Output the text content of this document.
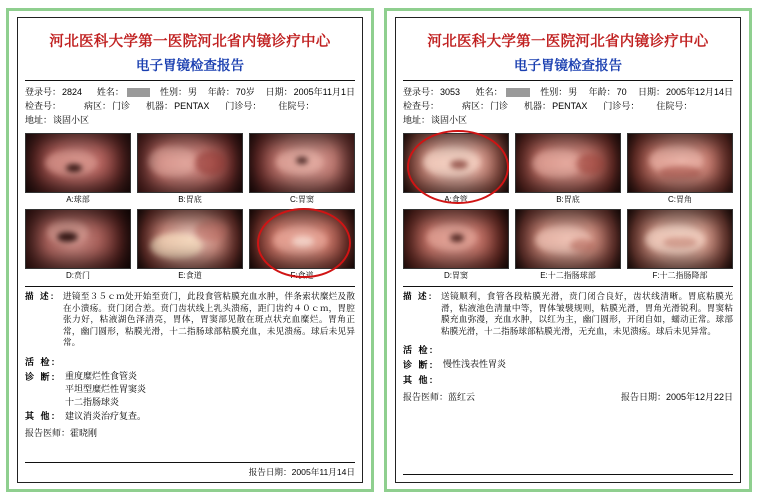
河北医科大学第一医院河北省内镜诊疗中心
电子胃镜检查报告
登录号： 2824 姓名：	性别： 男 年龄： 70岁 日期： 2005年11月1日
检查号：	病区： 门诊 机器： PENTAX 门诊号： 住院号：
地址： 谈固小区
A:球部	B:胃底	C:胃窦
D:贲门	E:食道	F:食道
描 述: 进镜至３５ｃｍ处开始至贲门，此段食管粘膜充血水肿，伴条索状糜烂及散在小溃疡。贲门闭合差。贲门齿状线上乳头溃疡，距门齿约４０ｃｍ，胃腔张力好，粘液湖色泽清亮，胃体，胃窦部见散在斑点状充血糜烂。胃角正常，幽门圆形，粘膜光滑，十二指肠球部粘膜充血，未见溃疡。球后未见异常。
活 检:
诊 断: 重度糜烂性食管炎
平坦型糜烂性胃窦炎
十二指肠球炎
其 他: 建议消炎治疗复查。
报告医师：霍晓刚
报告日期：2005年11月14日
河北医科大学第一医院河北省内镜诊疗中心
电子胃镜检查报告
登录号： 3053 姓名：	性别： 男 年龄： 70 日期： 2005年12月14日
检查号：	病区： 门诊 机器： PENTAX 门诊号： 住院号：
地址： 谈固小区
A:食管	B:胃底	C:胃角
D:胃窦	E:十二指肠球部	F:十二指肠降部
描 述: 送镜顺利，食管各段粘膜光滑，贲门闭合良好，齿状线清晰。胃底粘膜光滑，粘液池色清量中等，胃体皱襞规则，粘膜光滑，胃角光滑锐利。胃窦粘膜充血弥漫，充血水肿，以红为主，幽门圆形，开闭自如，蠕动正常。球部粘膜光滑，十二指肠球部粘膜光滑，无充血，未见溃疡。球后未见异常。
活 检:
诊 断: 慢性浅表性胃炎
其 他:
报告医师：蓝红云	报告日期：2005年12月22日
